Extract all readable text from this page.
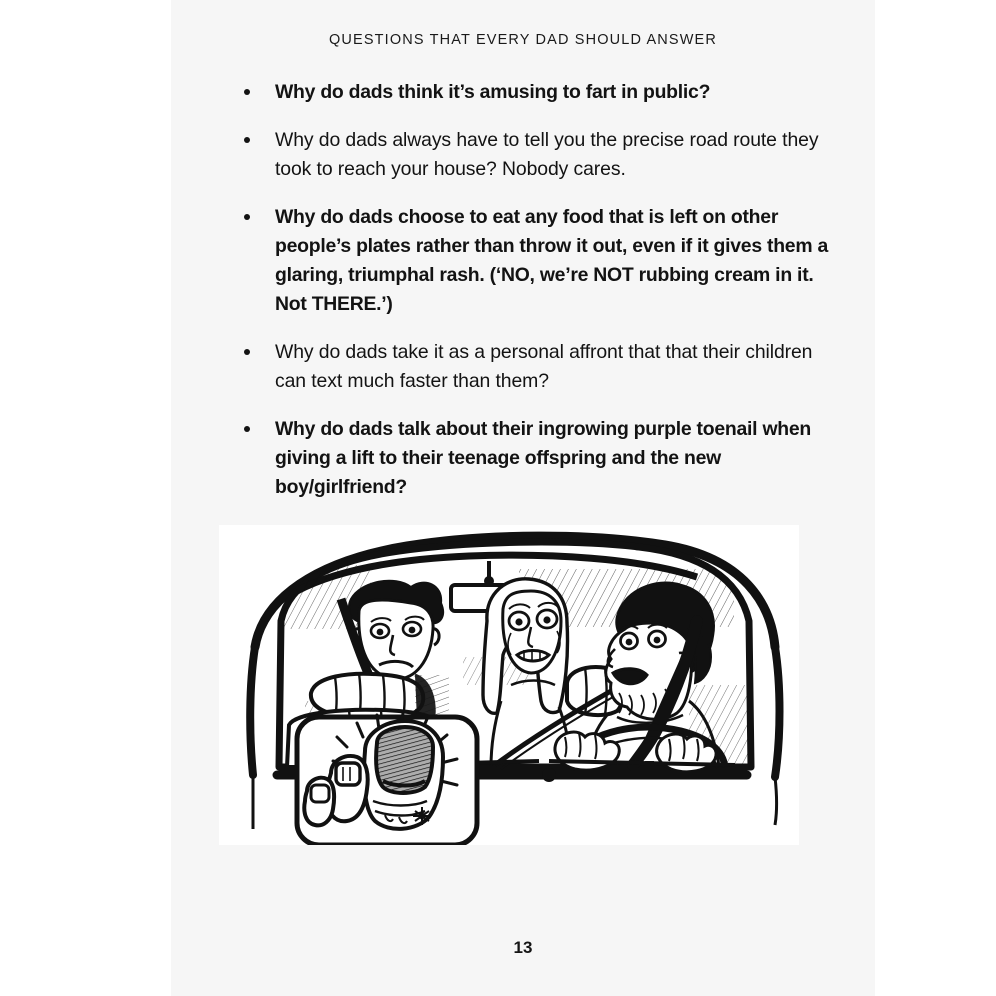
QUESTIONS THAT EVERY DAD SHOULD ANSWER
Why do dads think it’s amusing to fart in public?
Why do dads always have to tell you the precise road route they took to reach your house? Nobody cares.
Why do dads choose to eat any food that is left on other people’s plates rather than throw it out, even if it gives them a glaring, triumphal rash. (‘NO, we’re NOT rubbing cream in it. Not THERE.’)
Why do dads take it as a personal affront that that their children can text much faster than them?
Why do dads talk about their ingrowing purple toenail when giving a lift to their teenage offspring and the new boy/girlfriend?
13
